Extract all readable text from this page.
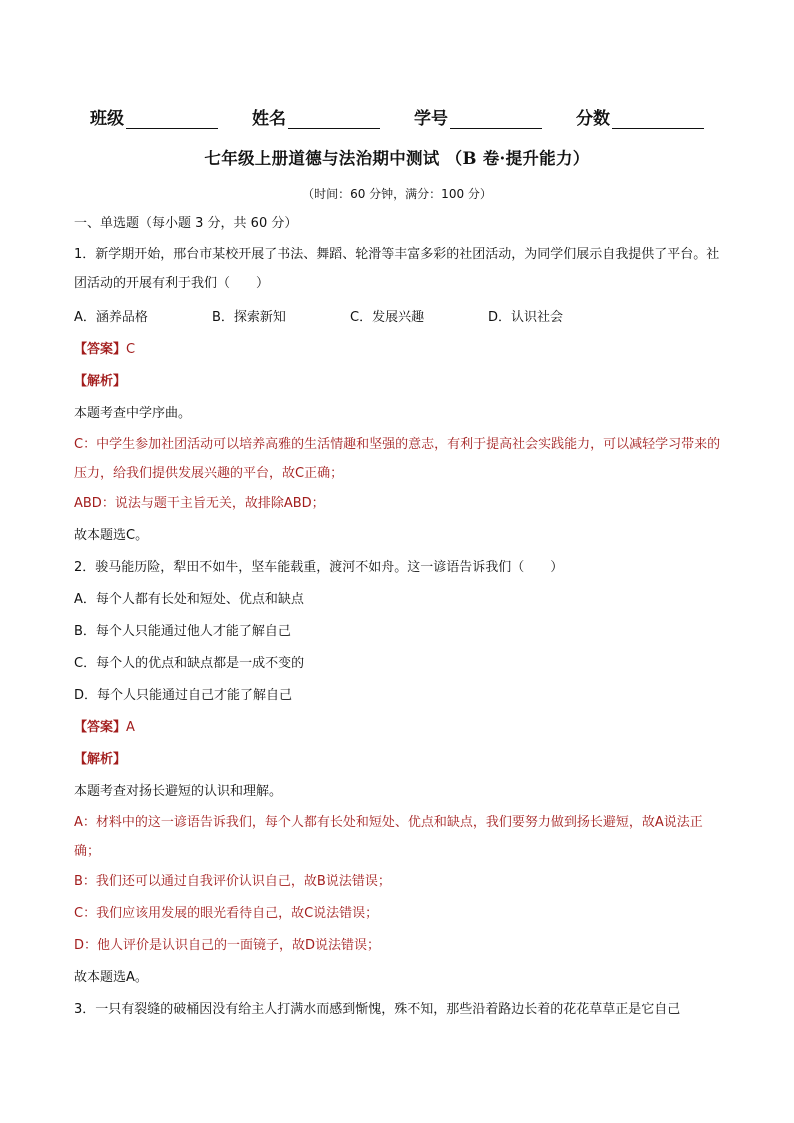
班级	姓名	学号	分数
七年级上册道德与法治期中测试 （B 卷·提升能力）
（时间：60 分钟，满分：100 分）

一、单选题（每小题 3 分，共 60 分）

1．新学期开始，邢台市某校开展了书法、舞蹈、轮滑等丰富多彩的社团活动，为同学们展示自我提供了平台。社团活动的开展有利于我们（　　）

A．涵养品格	B．探索新知	C．发展兴趣	D．认识社会

【答案】C

【解析】

本题考查中学序曲。

C：中学生参加社团活动可以培养高雅的生活情趣和坚强的意志，有利于提高社会实践能力，可以减轻学习带来的压力，给我们提供发展兴趣的平台，故C正确；

ABD：说法与题干主旨无关，故排除ABD；

故本题选C。

2．骏马能历险，犁田不如牛，坚车能载重，渡河不如舟。这一谚语告诉我们（　　）

A．每个人都有长处和短处、优点和缺点

B．每个人只能通过他人才能了解自己

C．每个人的优点和缺点都是一成不变的

D．每个人只能通过自己才能了解自己

【答案】A

【解析】

本题考查对扬长避短的认识和理解。

A：材料中的这一谚语告诉我们，每个人都有长处和短处、优点和缺点，我们要努力做到扬长避短，故A说法正确；

B：我们还可以通过自我评价认识自己，故B说法错误；

C：我们应该用发展的眼光看待自己，故C说法错误；

D：他人评价是认识自己的一面镜子，故D说法错误；

故本题选A。

3．一只有裂缝的破桶因没有给主人打满水而感到惭愧，殊不知，那些沿着路边长着的花花草草正是它自己
